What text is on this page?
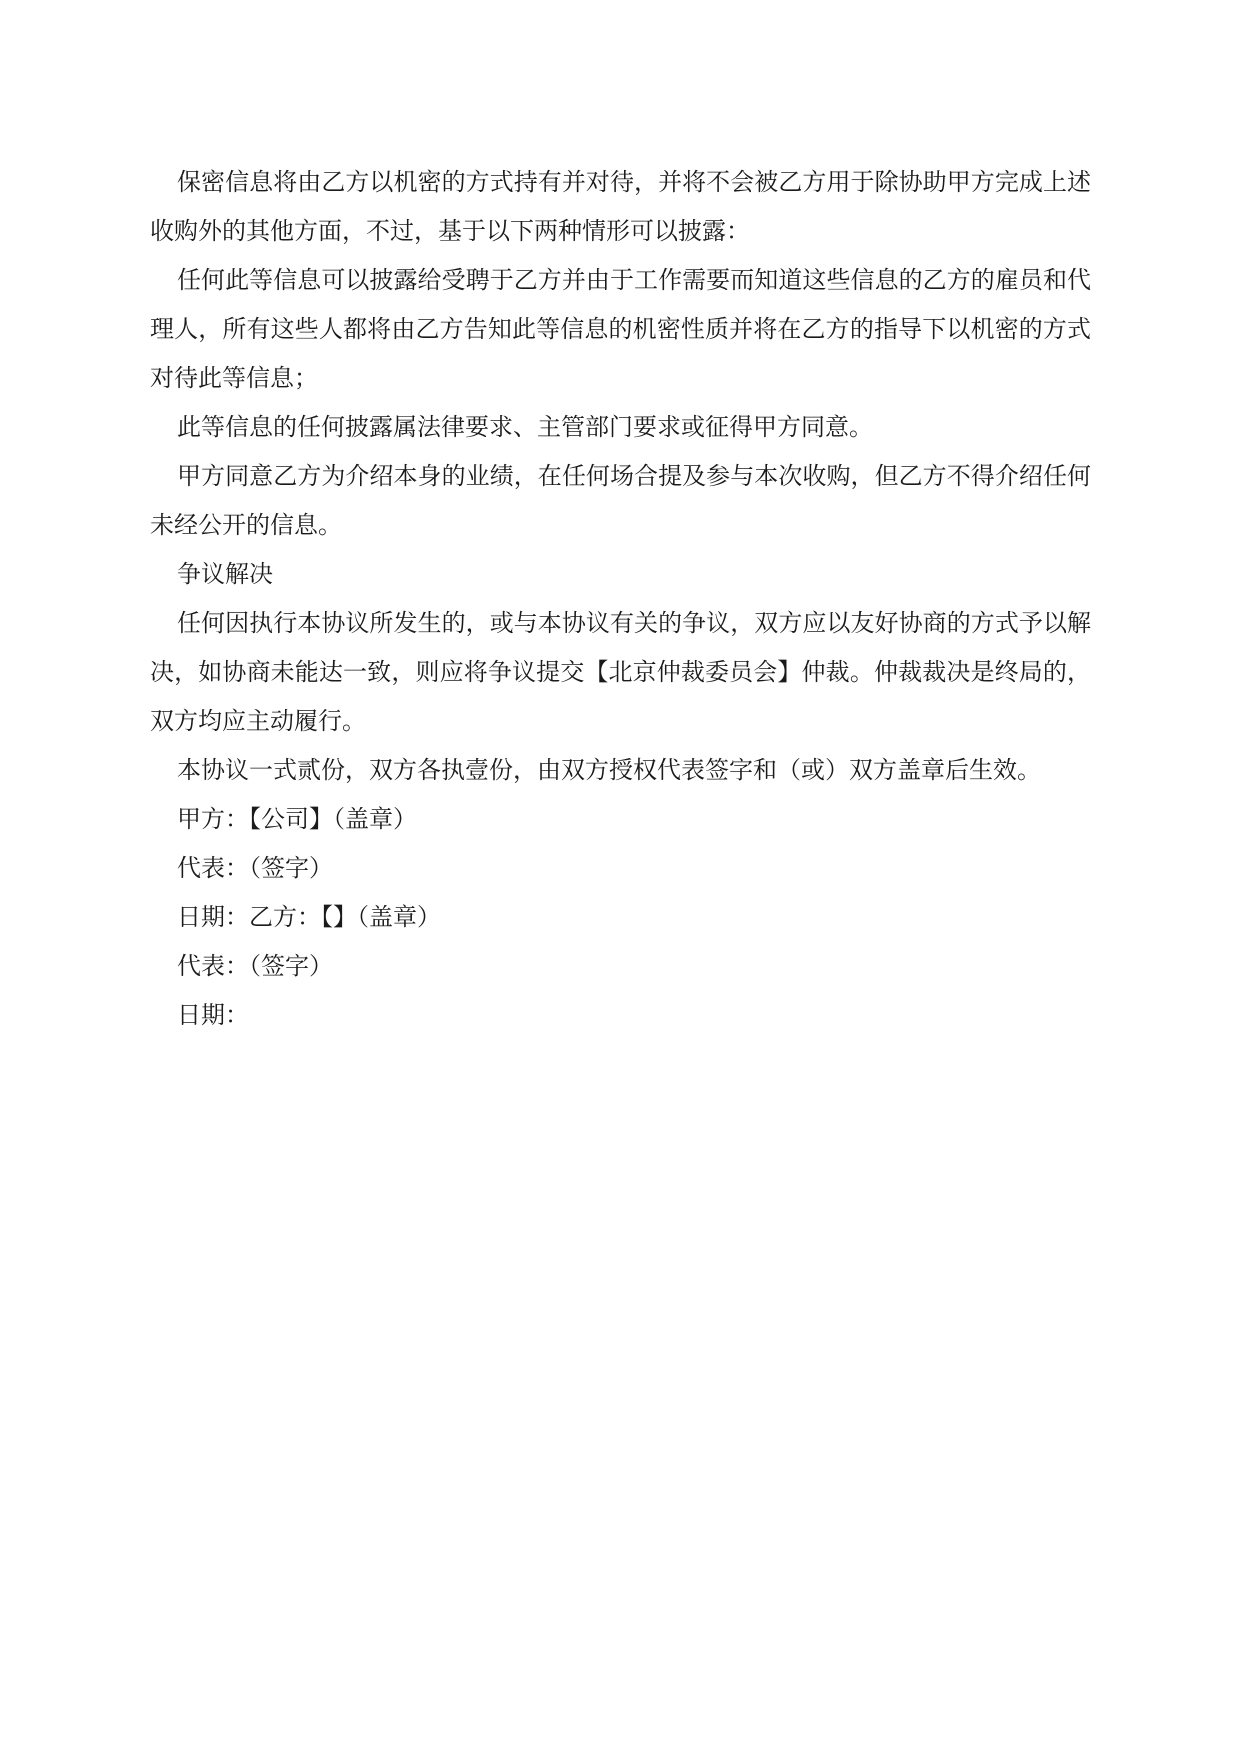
保密信息将由乙方以机密的方式持有并对待，并将不会被乙方用于除协助甲方完成上述收购外的其他方面，不过，基于以下两种情形可以披露：

任何此等信息可以披露给受聘于乙方并由于工作需要而知道这些信息的乙方的雇员和代理人，所有这些人都将由乙方告知此等信息的机密性质并将在乙方的指导下以机密的方式对待此等信息；

此等信息的任何披露属法律要求、主管部门要求或征得甲方同意。

甲方同意乙方为介绍本身的业绩，在任何场合提及参与本次收购，但乙方不得介绍任何未经公开的信息。

争议解决

任何因执行本协议所发生的，或与本协议有关的争议，双方应以友好协商的方式予以解决，如协商未能达一致，则应将争议提交【北京仲裁委员会】仲裁。仲裁裁决是终局的，双方均应主动履行。

本协议一式贰份，双方各执壹份，由双方授权代表签字和（或）双方盖章后生效。

甲方：【公司】（盖章）

代表：（签字）

日期：乙方：【】（盖章）

代表：（签字）

日期：
